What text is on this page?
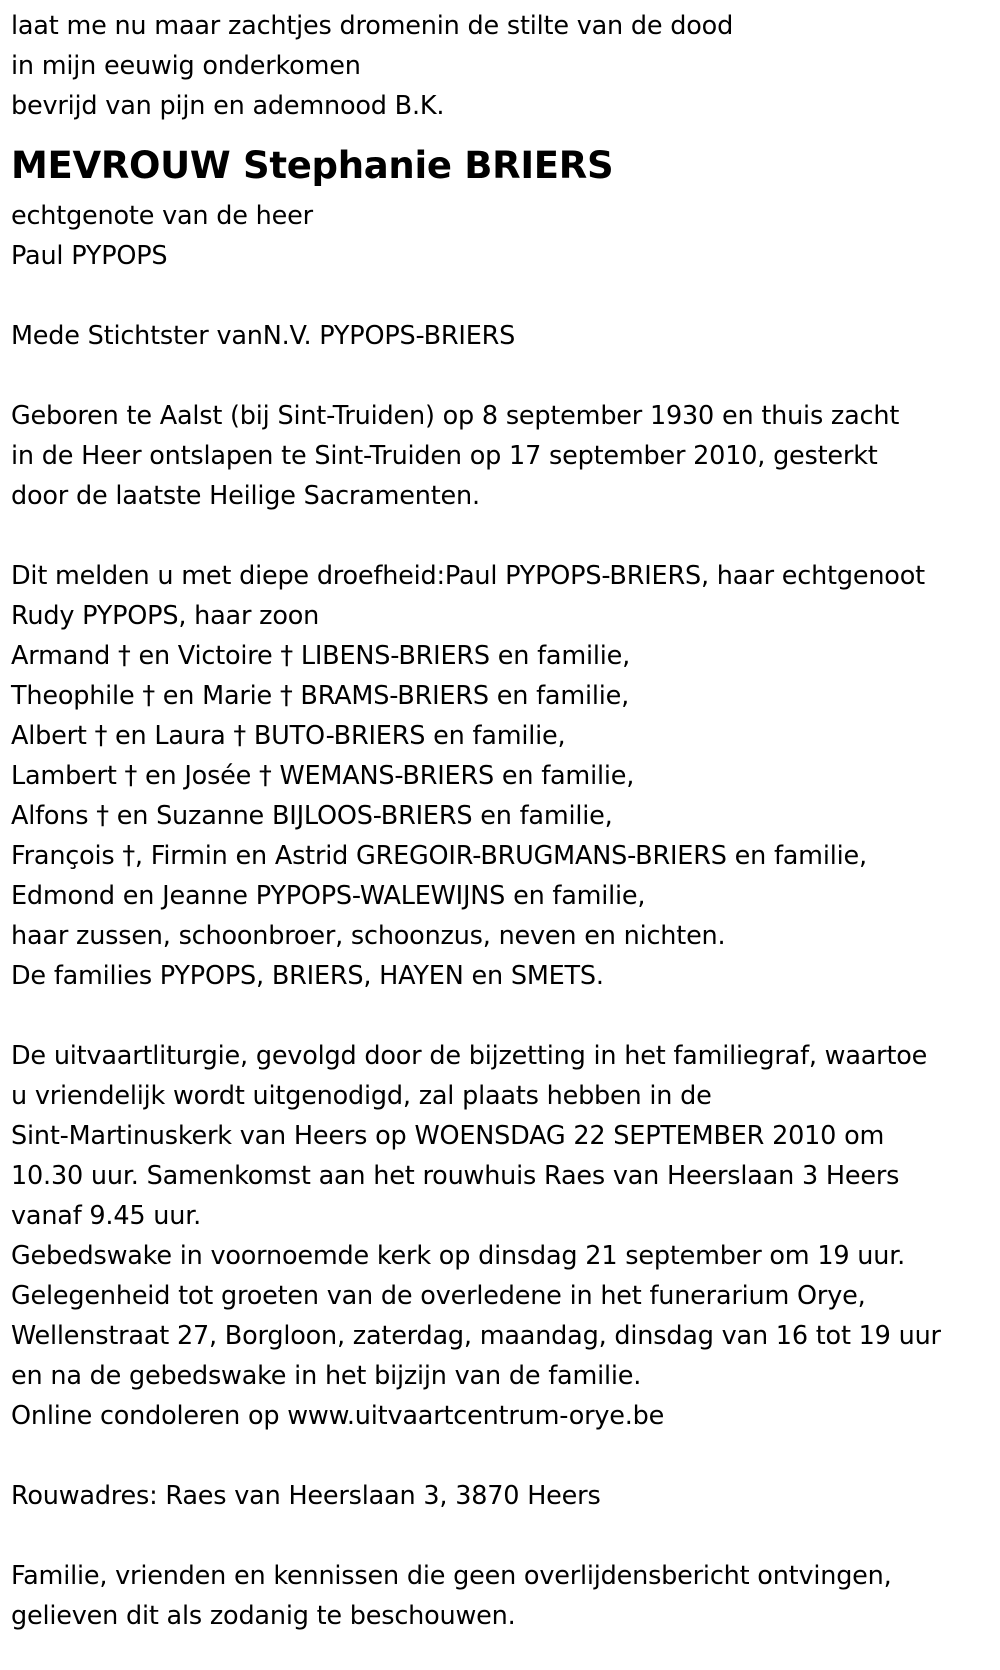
laat me nu maar zachtjes dromenin de stilte van de dood
in mijn eeuwig onderkomen
bevrijd van pijn en ademnood B.K.
MEVROUW Stephanie BRIERS
echtgenote van de heer
Paul PYPOPS
Mede Stichtster vanN.V. PYPOPS-BRIERS
Geboren te Aalst (bij Sint-Truiden) op 8 september 1930 en thuis zacht
in de Heer ontslapen te Sint-Truiden op 17 september 2010, gesterkt
door de laatste Heilige Sacramenten.
Dit melden u met diepe droefheid:Paul PYPOPS-BRIERS, haar echtgenoot
Rudy PYPOPS, haar zoon
Armand † en Victoire † LIBENS-BRIERS en familie,
Theophile † en Marie † BRAMS-BRIERS en familie,
Albert † en Laura † BUTO-BRIERS en familie,
Lambert † en Josée † WEMANS-BRIERS en familie,
Alfons † en Suzanne BIJLOOS-BRIERS en familie,
François †, Firmin en Astrid GREGOIR-BRUGMANS-BRIERS en familie,
Edmond en Jeanne PYPOPS-WALEWIJNS en familie,
haar zussen, schoonbroer, schoonzus, neven en nichten.
De families PYPOPS, BRIERS, HAYEN en SMETS.
De uitvaartliturgie, gevolgd door de bijzetting in het familiegraf, waartoe
u vriendelijk wordt uitgenodigd, zal plaats hebben in de
Sint-Martinuskerk van Heers op WOENSDAG 22 SEPTEMBER 2010 om
10.30 uur. Samenkomst aan het rouwhuis Raes van Heerslaan 3 Heers
vanaf 9.45 uur.
Gebedswake in voornoemde kerk op dinsdag 21 september om 19 uur.
Gelegenheid tot groeten van de overledene in het funerarium Orye,
Wellenstraat 27, Borgloon, zaterdag, maandag, dinsdag van 16 tot 19 uur
en na de gebedswake in het bijzijn van de familie.
Online condoleren op www.uitvaartcentrum-orye.be
Rouwadres: Raes van Heerslaan 3, 3870 Heers
Familie, vrienden en kennissen die geen overlijdensbericht ontvingen,
gelieven dit als zodanig te beschouwen.
